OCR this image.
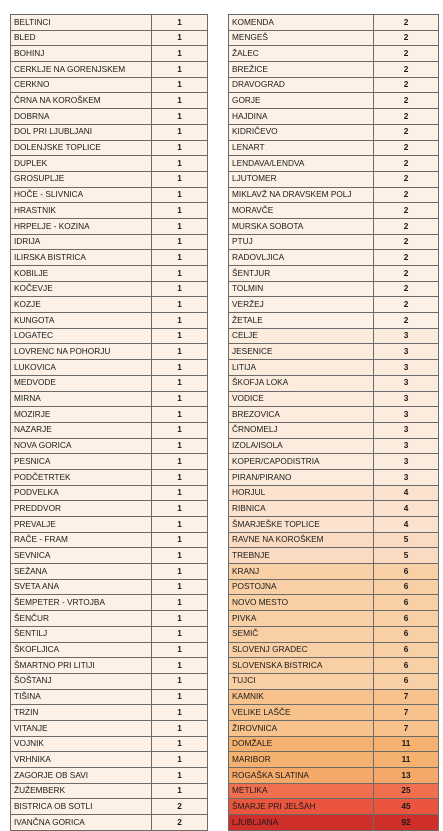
BELTINCI	1
BLED	1
BOHINJ	1
CERKLJE NA GORENJSKEM	1
CERKNO	1
ČRNA NA KOROŠKEM	1
DOBRNA	1
DOL PRI LJUBLJANI	1
DOLENJSKE TOPLICE	1
DUPLEK	1
GROSUPLJE	1
HOČE - SLIVNICA	1
HRASTNIK	1
HRPELJE - KOZINA	1
IDRIJA	1
ILIRSKA BISTRICA	1
KOBILJE	1
KOČEVJE	1
KOZJE	1
KUNGOTA	1
LOGATEC	1
LOVRENC NA POHORJU	1
LUKOVICA	1
MEDVODE	1
MIRNA	1
MOZIRJE	1
NAZARJE	1
NOVA GORICA	1
PESNICA	1
PODČETRTEK	1
PODVELKA	1
PREDDVOR	1
PREVALJE	1
RAČE - FRAM	1
SEVNICA	1
SEŽANA	1
SVETA ANA	1
ŠEMPETER - VRTOJBA	1
ŠENČUR	1
ŠENTILJ	1
ŠKOFLJICA	1
ŠMARTNO PRI LITIJI	1
ŠOŠTANJ	1
TIŠINA	1
TRZIN	1
VITANJE	1
VOJNIK	1
VRHNIKA	1
ZAGORJE OB SAVI	1
ŽUŽEMBERK	1
BISTRICA OB SOTLI	2
IVANČNA GORICA	2
KOMENDA	2
MENGEŠ	2
ŽALEC	2
BREŽICE	2
DRAVOGRAD	2
GORJE	2
HAJDINA	2
KIDRIČEVO	2
LENART	2
LENDAVA/LENDVA	2
LJUTOMER	2
MIKLAVŽ NA DRAVSKEM POLJ	2
MORAVČE	2
MURSKA SOBOTA	2
PTUJ	2
RADOVLJICA	2
ŠENTJUR	2
TOLMIN	2
VERŽEJ	2
ŽETALE	2
CELJE	3
JESENICE	3
LITIJA	3
ŠKOFJA LOKA	3
VODICE	3
BREZOVICA	3
ČRNOMELJ	3
IZOLA/ISOLA	3
KOPER/CAPODISTRIA	3
PIRAN/PIRANO	3
HORJUL	4
RIBNICA	4
ŠMARJEŠKE TOPLICE	4
RAVNE NA KOROŠKEM	5
TREBNJE	5
KRANJ	6
POSTOJNA	6
NOVO MESTO	6
PIVKA	6
SEMIČ	6
SLOVENJ GRADEC	6
SLOVENSKA BISTRICA	6
TUJCI	6
KAMNIK	7
VELIKE LAŠČE	7
ŽIROVNICA	7
DOMŽALE	11
MARIBOR	11
ROGAŠKA SLATINA	13
METLIKA	25
ŠMARJE PRI JELŠAH	45
LJUBLJANA	92
